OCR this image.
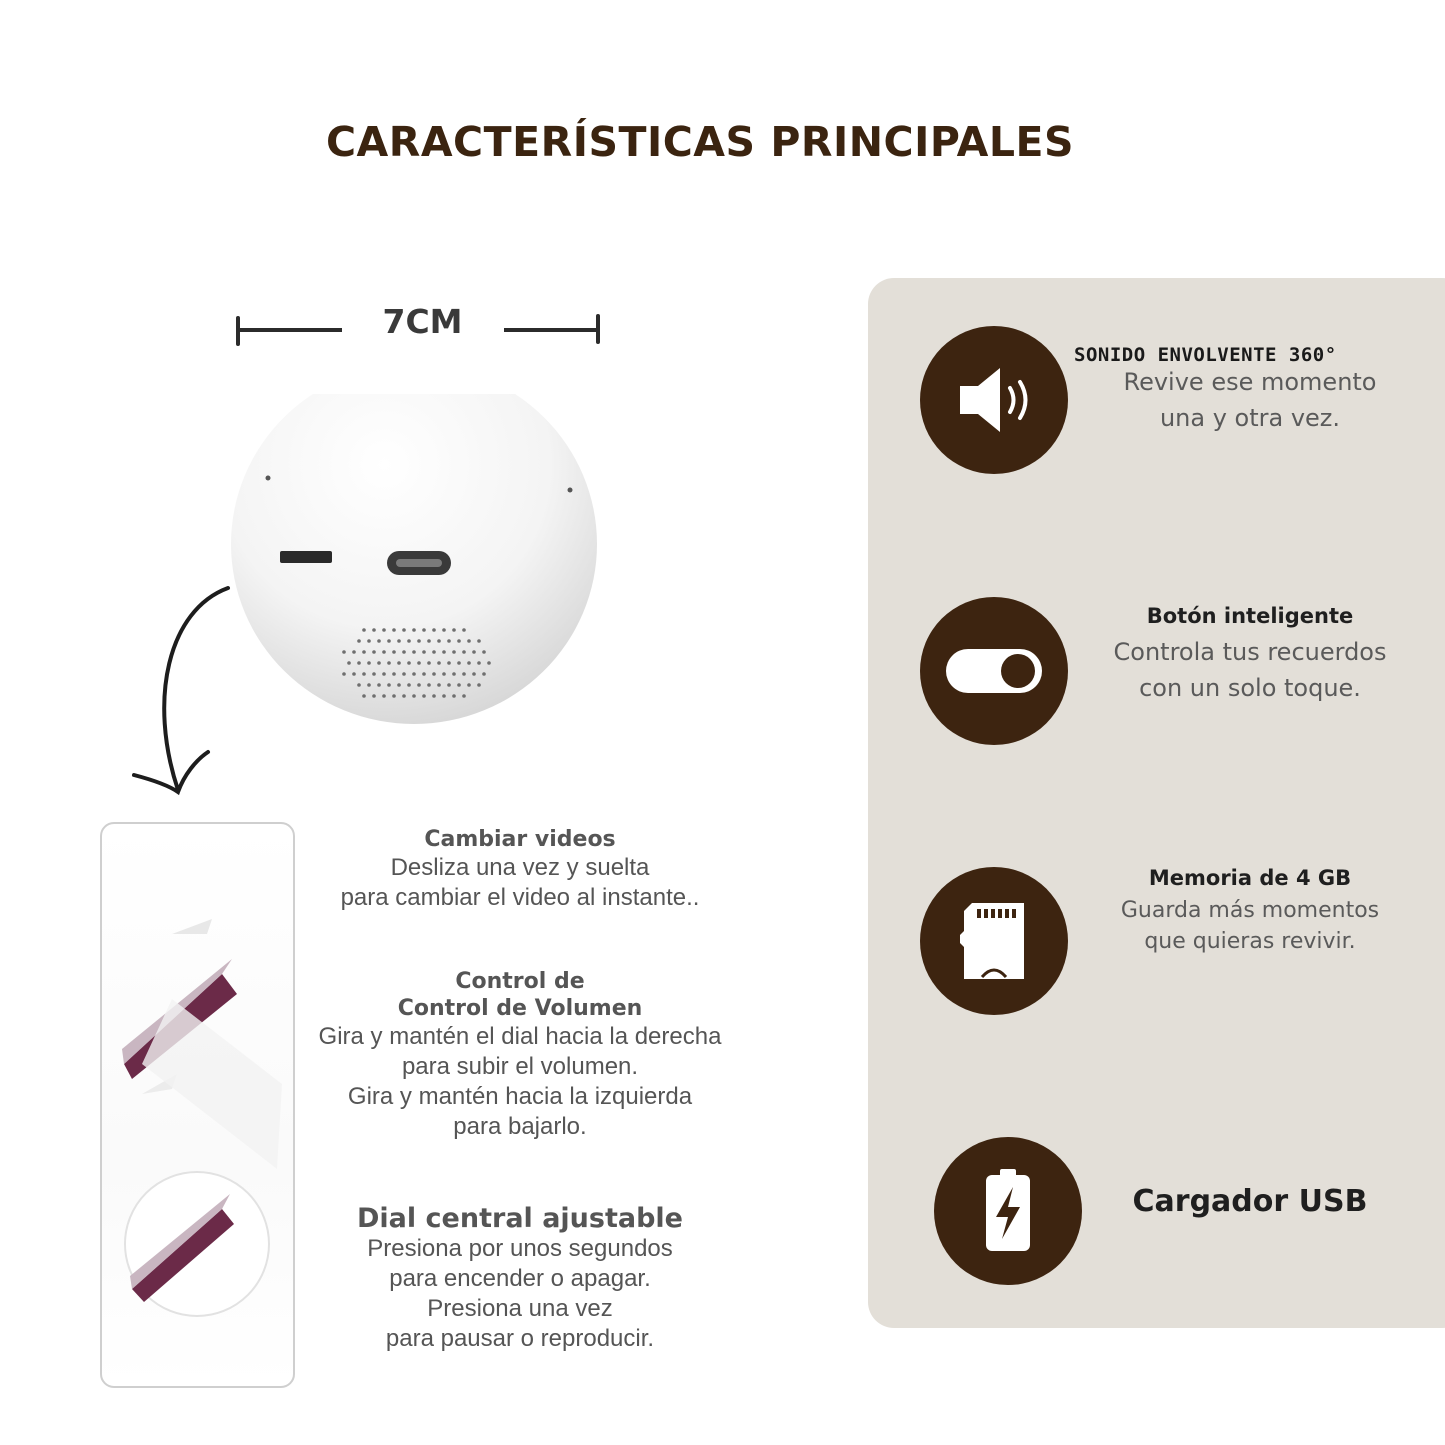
CARACTERÍSTICAS PRINCIPALES
7CM
Cambiar videos
Desliza una vez y suelta
para cambiar el video al instante..
Control de
Control de Volumen
Gira y mantén el dial hacia la derecha
para subir el volumen.
Gira y mantén hacia la izquierda
para bajarlo.
Dial central ajustable
Presiona por unos segundos
para encender o apagar.
Presiona una vez
para pausar o reproducir.
SONIDO ENVOLVENTE 360°
Revive ese momento
una y otra vez.
Botón inteligente
Controla tus recuerdos
con un solo toque.
Memoria de 4 GB
Guarda más momentos
que quieras revivir.
Cargador USB
